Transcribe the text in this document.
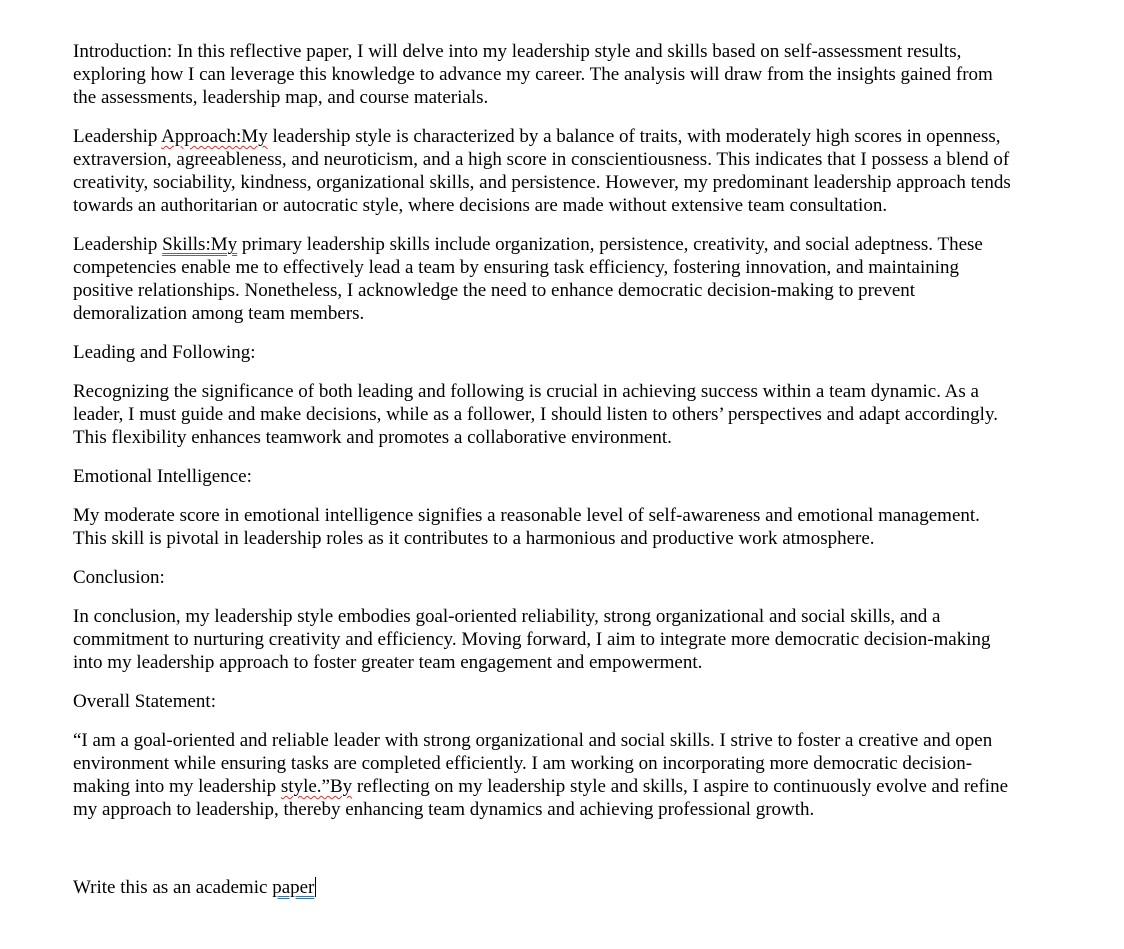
Introduction: In this reflective paper, I will delve into my leadership style and skills based on self-assessment results, exploring how I can leverage this knowledge to advance my career. The analysis will draw from the insights gained from the assessments, leadership map, and course materials.

Leadership Approach:My leadership style is characterized by a balance of traits, with moderately high scores in openness, extraversion, agreeableness, and neuroticism, and a high score in conscientiousness. This indicates that I possess a blend of creativity, sociability, kindness, organizational skills, and persistence. However, my predominant leadership approach tends towards an authoritarian or autocratic style, where decisions are made without extensive team consultation.

Leadership Skills:My primary leadership skills include organization, persistence, creativity, and social adeptness. These competencies enable me to effectively lead a team by ensuring task efficiency, fostering innovation, and maintaining positive relationships. Nonetheless, I acknowledge the need to enhance democratic decision-making to prevent demoralization among team members.

Leading and Following:

Recognizing the significance of both leading and following is crucial in achieving success within a team dynamic. As a leader, I must guide and make decisions, while as a follower, I should listen to others’ perspectives and adapt accordingly. This flexibility enhances teamwork and promotes a collaborative environment.

Emotional Intelligence:

My moderate score in emotional intelligence signifies a reasonable level of self-awareness and emotional management. This skill is pivotal in leadership roles as it contributes to a harmonious and productive work atmosphere.

Conclusion:

In conclusion, my leadership style embodies goal-oriented reliability, strong organizational and social skills, and a commitment to nurturing creativity and efficiency. Moving forward, I aim to integrate more democratic decision-making into my leadership approach to foster greater team engagement and empowerment.

Overall Statement:

“I am a goal-oriented and reliable leader with strong organizational and social skills. I strive to foster a creative and open environment while ensuring tasks are completed efficiently. I am working on incorporating more democratic decision-making into my leadership style.”By reflecting on my leadership style and skills, I aspire to continuously evolve and refine my approach to leadership, thereby enhancing team dynamics and achieving professional growth.

Write this as an academic paper
